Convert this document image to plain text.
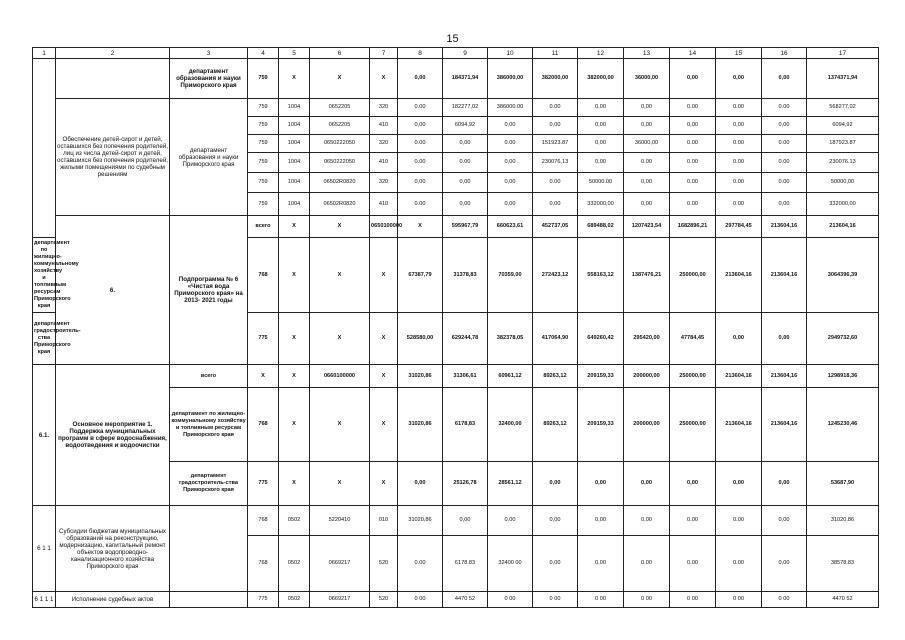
15
1	2	3	4	5	6	7	8	9	10	11	12	13	14	15	16	17	
		департамент образования и науки Приморского края	759	X	X	X	0,00	184371,94	386000,00	382000,00	382000,00	36000,00	0,00	0,00	0,00	1374371,94	
	Обеспечение детей-сирот и детей, оставшихся без попечения родителей, лиц из числа детей-сирот и детей, оставшихся без попечения родителей, жилыми помещениями по судебным решениям	департамент образования и науки Приморского края	759	1004	0652205	320	0.00	182277,02	386000.00	0.00	0,00	0,00	0.00	0.00	0.00	568277,02	
			759	1004	0652205	410	0,00	6094,92	0,00	0,00	0,00	0,00	0,00	0,00	0,00	6094,92	
			759	1004	0650222050	320	0.00	0,00	0.00	151923.87	0,00	36000,00	0.00	0.00	0.00	187923.87	
			759	1004	0650222050	410	0.00	0.00	0,00	230076,13	0,00	0.00	0.00	0.00	0.00	230076.13	
			759	1004	06502R0820	320	0,00	0,00	0,00	0.00	50000.00	0,00	0.00	0.00	0.00	50000,00	
			759	1004	06502R0820	410	0.00	0,00	0,00	0,00	332000,00	0,00	0.00	0.00	0,00	332000,00	
	6.	Подпрограмма № 6 «Чистая вода Приморского края» на 2013- 2021 годы	всего	X	X	0650100000	X	595967,79	660623,61	452737,05	689488,02	1207423,54	1682896,21	297784,45	213604,16	213604,16	
департамент по жилищно-коммунальному хозяйству и топливным ресурсам Приморского края			768	X	X	X	67387,79	31378,83	70359,00	272423,12	558163,12	1387476,21	250000,00	213604,16	213604,16	3064396,39	
департамент градостроитель-ства Приморского края			775	X	X	X	528580,00	629244,78	382378,05	417064,90	649260,42	295420,00	47784,45	0,00	0,00	2949732,60	
6.1.	Основное мероприятие 1. Поддержка муниципальных программ в сфере водоснабжения, водоотведения и водоочистки	всего	X	X	0660100000	X	31020,86	31306,61	60961,12	89263,12	209159,33	200000,00	250000,00	213604,16	213604,16	1298918,36	
		департамент по жилищно-коммунальному хозяйству и топливным ресурсам Приморского края	768	X	X	X	31020,86	6178,83	32400,00	89263,12	209159,33	200000,00	250000,00	213604,16	213604,16	1245230,46	
		департамент градостроитель-ства Приморского края	775	X	X	X	0,00	25126,78	28561,12	0,00	0,00	0,00	0,00	0,00	0,00	53687,90	
6 1 1	Субсидии бюджетам муниципальных образований на реконструкцию, модернизацию, капитальный ремонт объектов водопроводно-канализационного хозяйства Приморского края		768	0502	5220410	010	31020,86	0,00	0.00	0,00	0,00	0,00	0.00	0.00	0,00	31020.86	
			768	0502	0669217	520	0.00	6178.83	32400 00	0,00	0,00	0.00	0.00	0.00	0,00	38578.83	
6 1 1 1	Исполнение судебных актов		775	0502	0669217	520	0 00	4470 52	0 00	0 00	0 00	0 00	0 00	0 00	0 00	4470 52	
